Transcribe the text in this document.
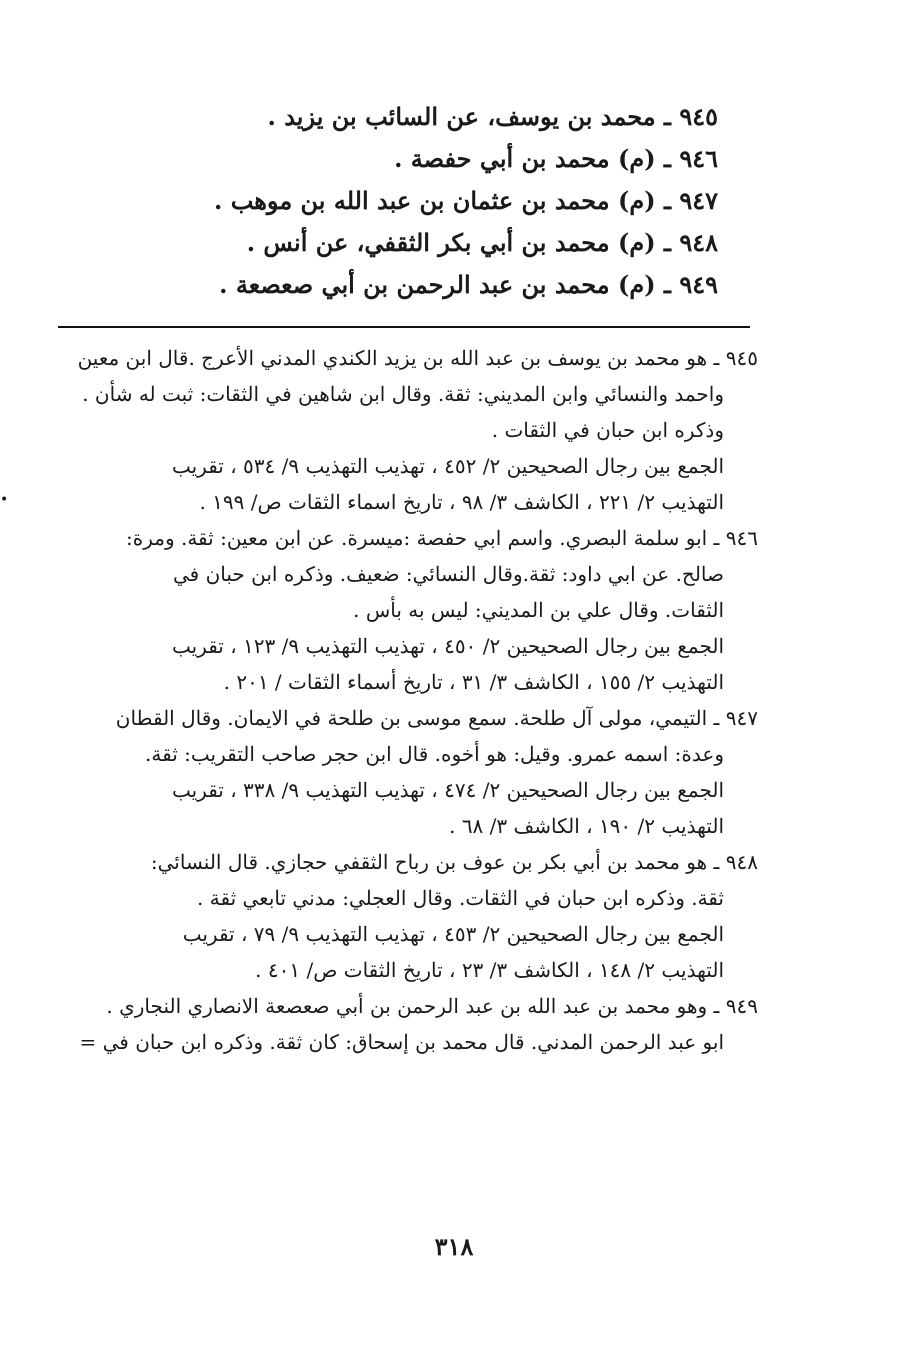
٩٤٥ ـ محمد بن يوسف، عن السائب بن يزيد .
٩٤٦ ـ (م) محمد بن أبي حفصة .
٩٤٧ ـ (م) محمد بن عثمان بن عبد الله بن موهب .
٩٤٨ ـ (م) محمد بن أبي بكر الثقفي، عن أنس .
٩٤٩ ـ (م) محمد بن عبد الرحمن بن أبي صعصعة .
٩٤٥ ـ هو محمد بن يوسف بن عبد الله بن يزيد الكندي المدني الأعرج .قال ابن معين
واحمد والنسائي وابن المديني: ثقة. وقال ابن شاهين في الثقات: ثبت له شأن .
وذكره ابن حبان في الثقات .
الجمع بين رجال الصحيحين ٢/ ٤٥٢ ، تهذيب التهذيب ٩/ ٥٣٤ ، تقريب
التهذيب ٢/ ٢٢١ ، الكاشف ٣/ ٩٨ ، تاريخ اسماء الثقات ص/ ١٩٩ .
٩٤٦ ـ ابو سلمة البصري. واسم ابي حفصة :ميسرة. عن ابن معين: ثقة. ومرة:
صالح. عن ابي داود: ثقة.وقال النسائي: ضعيف. وذكره ابن حبان في
الثقات. وقال علي بن المديني: ليس به بأس .
الجمع بين رجال الصحيحين ٢/ ٤٥٠ ، تهذيب التهذيب ٩/ ١٢٣ ، تقريب
التهذيب ٢/ ١٥٥ ، الكاشف ٣/ ٣١ ، تاريخ أسماء الثقات / ٢٠١ .
٩٤٧ ـ التيمي، مولى آل طلحة. سمع موسى بن طلحة في الايمان. وقال القطان
وعدة: اسمه عمرو. وقيل: هو أخوه. قال ابن حجر صاحب التقريب: ثقة.
الجمع بين رجال الصحيحين ٢/ ٤٧٤ ، تهذيب التهذيب ٩/ ٣٣٨ ، تقريب
التهذيب ٢/ ١٩٠ ، الكاشف ٣/ ٦٨ .
٩٤٨ ـ هو محمد بن أبي بكر بن عوف بن رباح الثقفي حجازي. قال النسائي:
ثقة. وذكره ابن حبان في الثقات. وقال العجلي: مدني تابعي ثقة .
الجمع بين رجال الصحيحين ٢/ ٤٥٣ ، تهذيب التهذيب ٩/ ٧٩ ، تقريب
التهذيب ٢/ ١٤٨ ، الكاشف ٣/ ٢٣ ، تاريخ الثقات ص/ ٤٠١ .
٩٤٩ ـ وهو محمد بن عبد الله بن عبد الرحمن بن أبي صعصعة الانصاري النجاري .
ابو عبد الرحمن المدني. قال محمد بن إسحاق: كان ثقة. وذكره ابن حبان في =
٣١٨
•
